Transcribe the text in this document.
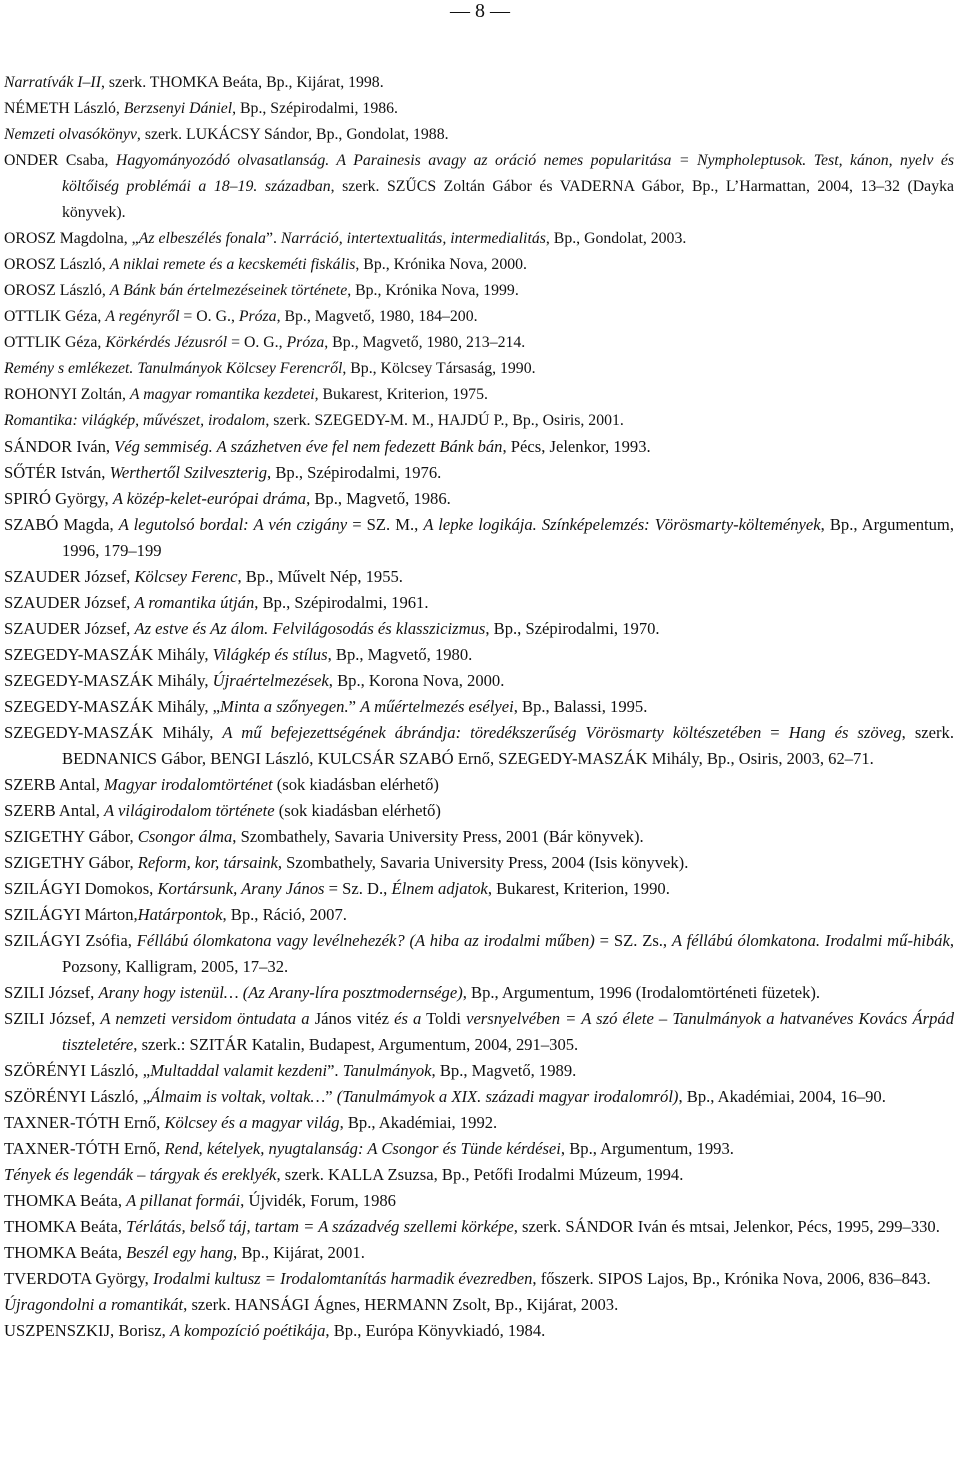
— 8 —

Narratívák I–II, szerk. THOMKA Beáta, Bp., Kijárat, 1998.

NÉMETH László, Berzsenyi Dániel, Bp., Szépirodalmi, 1986.

Nemzeti olvasókönyv, szerk. LUKÁCSY Sándor, Bp., Gondolat, 1988.

ONDER Csaba, Hagyományozódó olvasatlanság. A Parainesis avagy az oráció nemes popularitása = Nympholeptusok. Test, kánon, nyelv és költőiség problémái a 18–19. században, szerk. SZŰCS Zoltán Gábor és VADERNA Gábor, Bp., L’Harmattan, 2004, 13–32 (Dayka könyvek).

OROSZ Magdolna, „Az elbeszélés fonala”. Narráció, intertextualitás, intermedialitás, Bp., Gondolat, 2003.

OROSZ László, A niklai remete és a kecskeméti fiskális, Bp., Krónika Nova, 2000.

OROSZ László, A Bánk bán értelmezéseinek története, Bp., Krónika Nova, 1999.

OTTLIK Géza, A regényről = O. G., Próza, Bp., Magvető, 1980, 184–200.

OTTLIK Géza, Körkérdés Jézusról = O. G., Próza, Bp., Magvető, 1980, 213–214.

Remény s emlékezet. Tanulmányok Kölcsey Ferencről, Bp., Kölcsey Társaság, 1990.

ROHONYI Zoltán, A magyar romantika kezdetei, Bukarest, Kriterion, 1975.

Romantika: világkép, művészet, irodalom, szerk. SZEGEDY-M. M., HAJDÚ P., Bp., Osiris, 2001.

SÁNDOR Iván, Vég semmiség. A százhetven éve fel nem fedezett Bánk bán, Pécs, Jelenkor, 1993.

SŐTÉR István, Werthertől Szilveszterig, Bp., Szépirodalmi, 1976.

SPIRÓ György, A közép-kelet-európai dráma, Bp., Magvető, 1986.

SZABÓ Magda, A legutolsó bordal: A vén czigány = SZ. M., A lepke logikája. Színképelemzés: Vörösmarty-költemények, Bp., Argumentum, 1996, 179–199

SZAUDER József, Kölcsey Ferenc, Bp., Művelt Nép, 1955.

SZAUDER József, A romantika útján, Bp., Szépirodalmi, 1961.

SZAUDER József, Az estve és Az álom. Felvilágosodás és klasszicizmus, Bp., Szépirodalmi, 1970.

SZEGEDY-MASZÁK Mihály, Világkép és stílus, Bp., Magvető, 1980.

SZEGEDY-MASZÁK Mihály, Újraértelmezések, Bp., Korona Nova, 2000.

SZEGEDY-MASZÁK Mihály, „Minta a szőnyegen.” A műértelmezés esélyei, Bp., Balassi, 1995.

SZEGEDY-MASZÁK Mihály, A mű befejezettségének ábrándja: töredékszerűség Vörösmarty költészetében = Hang és szöveg, szerk. BEDNANICS Gábor, BENGI László, KULCSÁR SZABÓ Ernő, SZEGEDY-MASZÁK Mihály, Bp., Osiris, 2003, 62–71.

SZERB Antal, Magyar irodalomtörténet (sok kiadásban elérhető)

SZERB Antal, A világirodalom története (sok kiadásban elérhető)

SZIGETHY Gábor, Csongor álma, Szombathely, Savaria University Press, 2001 (Bár könyvek).

SZIGETHY Gábor, Reform, kor, társaink, Szombathely, Savaria University Press, 2004 (Isis könyvek).

SZILÁGYI Domokos, Kortársunk, Arany János = Sz. D., Élnem adjatok, Bukarest, Kriterion, 1990.

SZILÁGYI Márton,Határpontok, Bp., Ráció, 2007.

SZILÁGYI Zsófia, Féllábú ólomkatona vagy levélnehezék? (A hiba az irodalmi műben) = SZ. Zs., A féllábú ólomkatona. Irodalmi mű-hibák, Pozsony, Kalligram, 2005, 17–32.

SZILI József, Arany hogy istenül… (Az Arany-líra posztmodernsége), Bp., Argumentum, 1996 (Irodalomtörténeti füzetek).

SZILI József, A nemzeti versidom öntudata a János vitéz és a Toldi versnyelvében = A szó élete – Tanulmányok a hatvanéves Kovács Árpád tiszteletére, szerk.: SZITÁR Katalin, Budapest, Argumentum, 2004, 291–305.

SZÖRÉNYI László, „Multaddal valamit kezdeni”. Tanulmányok, Bp., Magvető, 1989.

SZÖRÉNYI László, „Álmaim is voltak, voltak…” (Tanulmámyok a XIX. századi magyar irodalomról), Bp., Akadémiai, 2004, 16–90.

TAXNER-TÓTH Ernő, Kölcsey és a magyar világ, Bp., Akadémiai, 1992.

TAXNER-TÓTH Ernő, Rend, kételyek, nyugtalanság: A Csongor és Tünde kérdései, Bp., Argumentum, 1993.

Tények és legendák – tárgyak és ereklyék, szerk. KALLA Zsuzsa, Bp., Petőfi Irodalmi Múzeum, 1994.

THOMKA Beáta, A pillanat formái, Újvidék, Forum, 1986

THOMKA Beáta, Térlátás, belső táj, tartam = A századvég szellemi körképe, szerk. SÁNDOR Iván és mtsai, Jelenkor, Pécs, 1995, 299–330.

THOMKA Beáta, Beszél egy hang, Bp., Kijárat, 2001.

TVERDOTA György, Irodalmi kultusz = Irodalomtanítás harmadik évezredben, főszerk. SIPOS Lajos, Bp., Krónika Nova, 2006, 836–843.

Újragondolni a romantikát, szerk. HANSÁGI Ágnes, HERMANN Zsolt, Bp., Kijárat, 2003.

USZPENSZKIJ, Borisz, A kompozíció poétikája, Bp., Európa Könyvkiadó, 1984.
